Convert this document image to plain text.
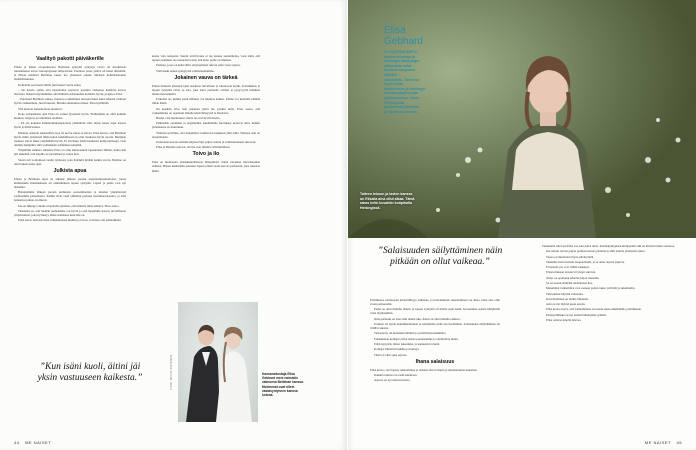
Vaalityö pakotti päiväkerille

Elisan ja hänen avopuolisonsa Bettiinan syksyllä syntynyt vauva oli maailmaan tutustumassa aivan vastasyntyneen ikäpolviaan. Puolison paras ystävä oli kuusi lähistöllä, ja Elisan mielestä Bettiinan tausta tuo yhteiseen arkeen ilmaisen kohteliaisuuden mahdollisuuden.

Kohtalöin pari meni vihille juuri kaksi vuotta sitten.

– On haavia ajatus, että lapsettomat saattavat jossakin vaiheessa kadehtia kaivoa muristaa. Oskarin myöhemmin, että ihminen erilaisuuden kohdella hyvin, ja kertoo Elisa.

– Puolisoni Bettiinan vaikea, iloinen ja rauhallinen tasavertaisuus tekee hänestä vaimoni hyvän vanhemman. Juuri hienosti, Bettiina muistuttaa minua, Elisa hymähtää.

Yhä tuttavia lastenhoitoon tuntuivat.

Koko sodanaikana ajan Elisa on voinut fyysisesti hyvin. Yhdistäjänä on ollut kaikille kuumaa, helppoa ja rauhallista olemista.

– En ole kokenut kammoaikuisenpuolista yhdistävää siitä, miten kauas lapsi kasvaa hyvin ja miltä tuntuu.

Matalan, kaistale seksuaalista isoa tai kovaa sanaa se kuvaa. Elisa kertoo, että Bettiinan hyviä olikin yhteisöstä tähän kuten kohdallisesti on ollut matkassa hyvin vuosia. Bettiinan asenteet saivat hänet pärjäämään hyvin. Ei tarvinnut tehdä kauheasti kompromisseja, vaan olimme kumpikin yhtä voimakkaita päätöksen tekijöitä.

Ylipäätään kaikista suhteista Elisa on ollut kiinnostunut lapsuudesta lähtien, mutta hän piti tärkeänä, että lapsilla on turvallinen ja vakaa koti.

Vauva tuli voittamaan vaalin tyttärenä, joka ilahdutti äitiään kaikin tavoin. Bettiina on ollut tukena koko ajan.

Julkista apua

Elisan ja Bettiinan lapsi on alkanut jälkeen puolen lapsettomuushoidoista, joissa kummankin kokemuksena oli ensimmäisen lapsen syntymä. Lapset ja perhe ovat nyt tärkeintä.

Haluaisimme jälkeen puolen kolmeista sosiaalimedian ja muiden ympäristöstä saamaamme palautteesta. Kaikki eivät vielä ymmärrä perheen monimuotoisuutta, ja siitä kannattaa puhua avoimesti.

Itse en lähtenyt omalle urapolulle ajatellen, että minusta tulisi esikuva. Elisa sanoo.

Tärkeintä on, että meidän perheemme voi hyvin ja että lapsemme kasvaa turvallisessa ympäristössä, joka hyväksyy hänet sellaisena kuin hän on.

Elisa sanoo tiedostavansa vaikutuksensa muihin ja toivoo voivansa olla esimerkkinä.

koske vain naisparia. Suurin tarvittavuus ei ole kanssa suunnittelua, vaan siinä, että lapsen saaminen on toteutettava niin, että koko perhe on mukana.

Perheen, jossa on kaksi äitiä, erityispiirteet tulevat esiin vasta arjessa.

Vielä hetki ennen synnytystä valmistauduimme.

Jokainen vauva on tärkeä

Elisan mielestä jokainen lapsi ansaitsee turvallisen ja rakastavan kodin. Toiveikkuus ja lapsen syntymä olivat se asia, joka antoi perheelle voimaa ja pysyvyyttä kaikkien muutosten keskellä.

Erikoista on, kuinka pieni ihminen voi muuttaa kaiken. Emme voi kuvitella elämää ilman häntä.

On kesäisin kiva, kun jokainen päivä tuo jotakin uutta. Elisa sanoo, että vanhemmuus on opettanut hänelle kärsivällisyyttä ja läsnäoloa.

Huolet ovat muuttuneet, mutta ne ovat hyvää huolta.

Pelkästään suomeksi ja englanniksi tekemämme kuvaukset kertovat siitä, kuinka yhteiskunta on muuttunut.

Yhdessä sovimme, että molemmat osallistuvat kaikkeen yhtä lailla. Perheen arki on tasapainoista.

Uudestaan kotona olemme käyneet läpi paljon asioita ja valmistautuneet tulevaan.

Elisa ja Bettiina sanovat, että he ovat tiiminä vahvimmillaan.

Toivo ja ilo

Elisa on huolissaan yhteiskunnallisesta ilmapiiristä, mutta toiveikas tulevaisuuden suhteen. Hänen mielestään jokaisen lapsen pitäisi saada kasvaa perheessä, joka rakastaa häntä.

KUVA: MIKKO VIRTANEN	Kansanedustaja Elisa Gebhard meni naimisiin vaimonsa Bettiinan kanssa. Molemmat ovat olleet vastasyntyneen kanssa kotona.
”Kun isäni kuoli, äitini jäi yksin vastuuseen kaikesta.”
44 ME NAISET
Elisa
Gebhard
41 VUOTIAS SDP:n
kansanedustaja ja
Helsingin kaupungin-
valtuutettu sekä
Suomen kaupunki-
liittojen
valtuutettu. Toiminut
myös Hoas-
hankkeessa ja Helsingin
seurakuntayhtymän
palveluksessa. Asuu
Helsingissä
puolisonsa Bettiinan
ja lapsensa kanssa.
Taiteen tekoon ja lasten kanssa on Elisalla aina ollut aikaa. Tämä rakas hetki kuvattiin kotipihalla Helsingissä.
”Salaisuuden säilyttäminen näin pitkään on ollut vaikeaa.”

Politiikassa toimiessani kärsivällisyys palkitsee, ja luottamuksen rakentaminen vie aikaa. Olen aina ollut avoin perheestäni.

Perhe on ollut minulle tärkeä, ja lapsen syntymä oli meille suuri hetki. Kerroimme asiasta lähipiirille vasta myöhemmin.

Oma perheeni on aina ollut tärkeä tuki. Äitini on ollut minulle esikuva.

Uutinen oli hyvin henkilökohtainen ja halusimme pitää sen itsellämme. Salaisuuden säilyttäminen oli välillä raskasta.

Vastaanotto oli kuitenkin lämmin ja positiivinen kaikkialla.

Eduskunnan kollegat olivat iloisia puolestamme ja onnittelivat meitä.

Eräät kysyivät, miten jaksamme, ja kannustivat meitä.

Kollegat lähettivät kukkia ja kortteja.

Tästä on ollut apua arjessa.

Ihana salaisuus

Elisa kertoo, että lapsen odottaminen ja raskaus olivat tärkeä ja ainutlaatuinen kokemus.

Kaikkia tuntuva on vielä ennallaan.

Arjessa on nyt uusia kuvioita.

Tuntumme tulevaan Elisa saa joka päivä uutta. Kolmekymppisen kumppanin arki on kiireistä mutta antoisaa.

Itse tuntuu olevan paljon perheen kanssa yhdessä ja ehtii nauttia yhteisestä ajasta.

Vauva on muuttanut myös päivärytmiä.

Jakamme hoitovastuun tasapuolisesti, ja se tekee arjesta sujuvaa.

Erityisesti yöt ovat välillä rankkoja.

Elisan mukaan joustavat työajat auttavat.

Äitiys on opettanut hänelle paljon itsestään.

Se on tuonut elämään uudenlaista iloa.

Molemmat vanhemmat ovat saaneet paljon tukea ystäviltä ja sukulaisilta.

Tulevaisuus näyttää valoisalta.

Kasvattaminen on meille tärkeintä.

Arki on nyt täynnä uusia asioita.

Elisa kertoo myös, että vanhemmuus on tuonut uusia näkökulmia politiikkaan.

Perhepolitiikka on nyt entistä lähempänä sydäntä.

Elisa odottaa innolla tulevaa.

ME NAISET 45
